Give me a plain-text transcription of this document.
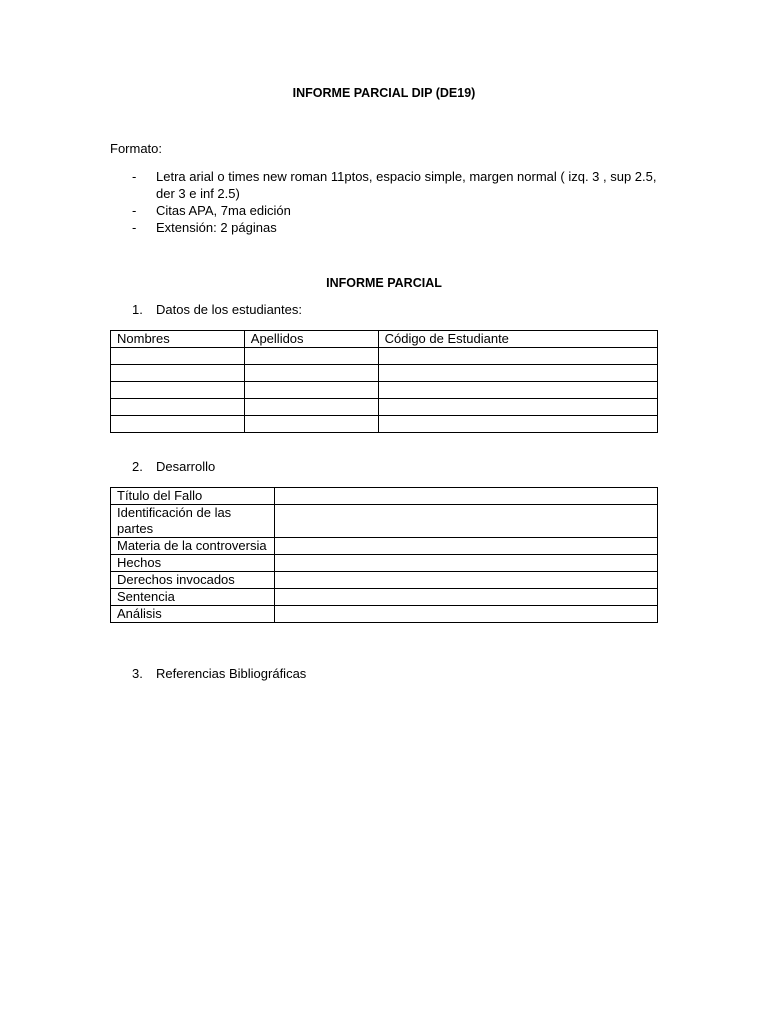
INFORME PARCIAL DIP (DE19)
Formato:
-	Letra arial o times new roman 11ptos, espacio simple, margen normal ( izq. 3 , sup 2.5, der 3 e inf 2.5)
-	Citas APA, 7ma edición
-	Extensión: 2 páginas
INFORME PARCIAL
1.	Datos de los estudiantes:
Nombres	Apellidos	Código de Estudiante

2.	Desarrollo
Título del Fallo	
Identificación de las partes	
Materia de la controversia	
Hechos	
Derechos invocados	
Sentencia	
Análisis	
3.	Referencias Bibliográficas
